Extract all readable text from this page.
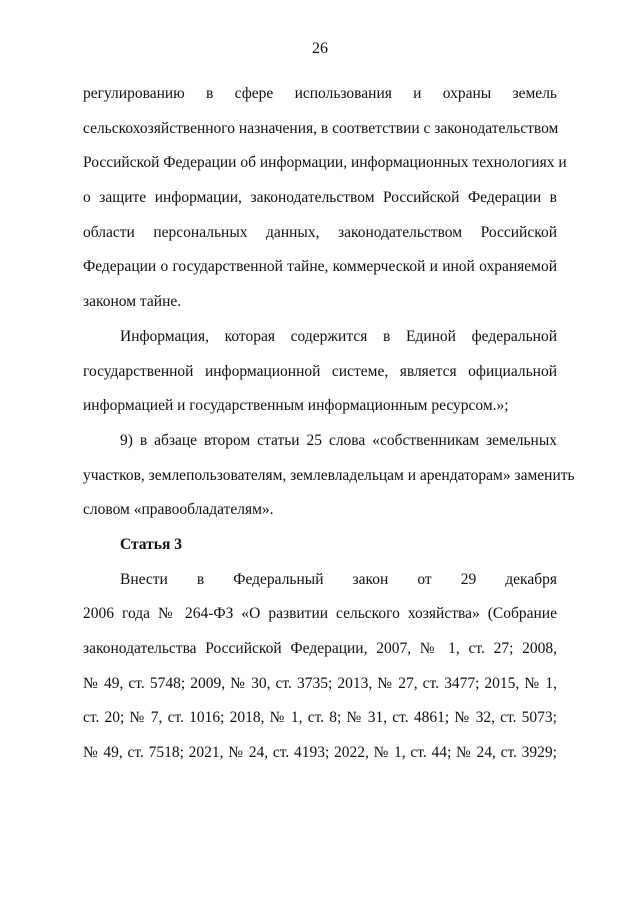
26
регулированию в сфере использования и охраны земель
сельскохозяйственного назначения, в соответствии с законодательством
Российской Федерации об информации, информационных технологиях и
о защите информации, законодательством Российской Федерации в
области персональных данных, законодательством Российской
Федерации о государственной тайне, коммерческой и иной охраняемой
законом тайне.
Информация, которая содержится в Единой федеральной
государственной информационной системе, является официальной
информацией и государственным информационным ресурсом.»;
9) в абзаце втором статьи 25 слова «собственникам земельных
участков, землепользователям, землевладельцам и арендаторам» заменить
словом «правообладателям».
Статья 3
Внести в Федеральный закон от 29 декабря
2006 года № 264-ФЗ «О развитии сельского хозяйства» (Собрание
законодательства Российской Федерации, 2007, № 1, ст. 27; 2008,
№ 49, ст. 5748; 2009, № 30, ст. 3735; 2013, № 27, ст. 3477; 2015, № 1,
ст. 20; № 7, ст. 1016; 2018, № 1, ст. 8; № 31, ст. 4861; № 32, ст. 5073;
№ 49, ст. 7518; 2021, № 24, ст. 4193; 2022, № 1, ст. 44; № 24, ст. 3929;
